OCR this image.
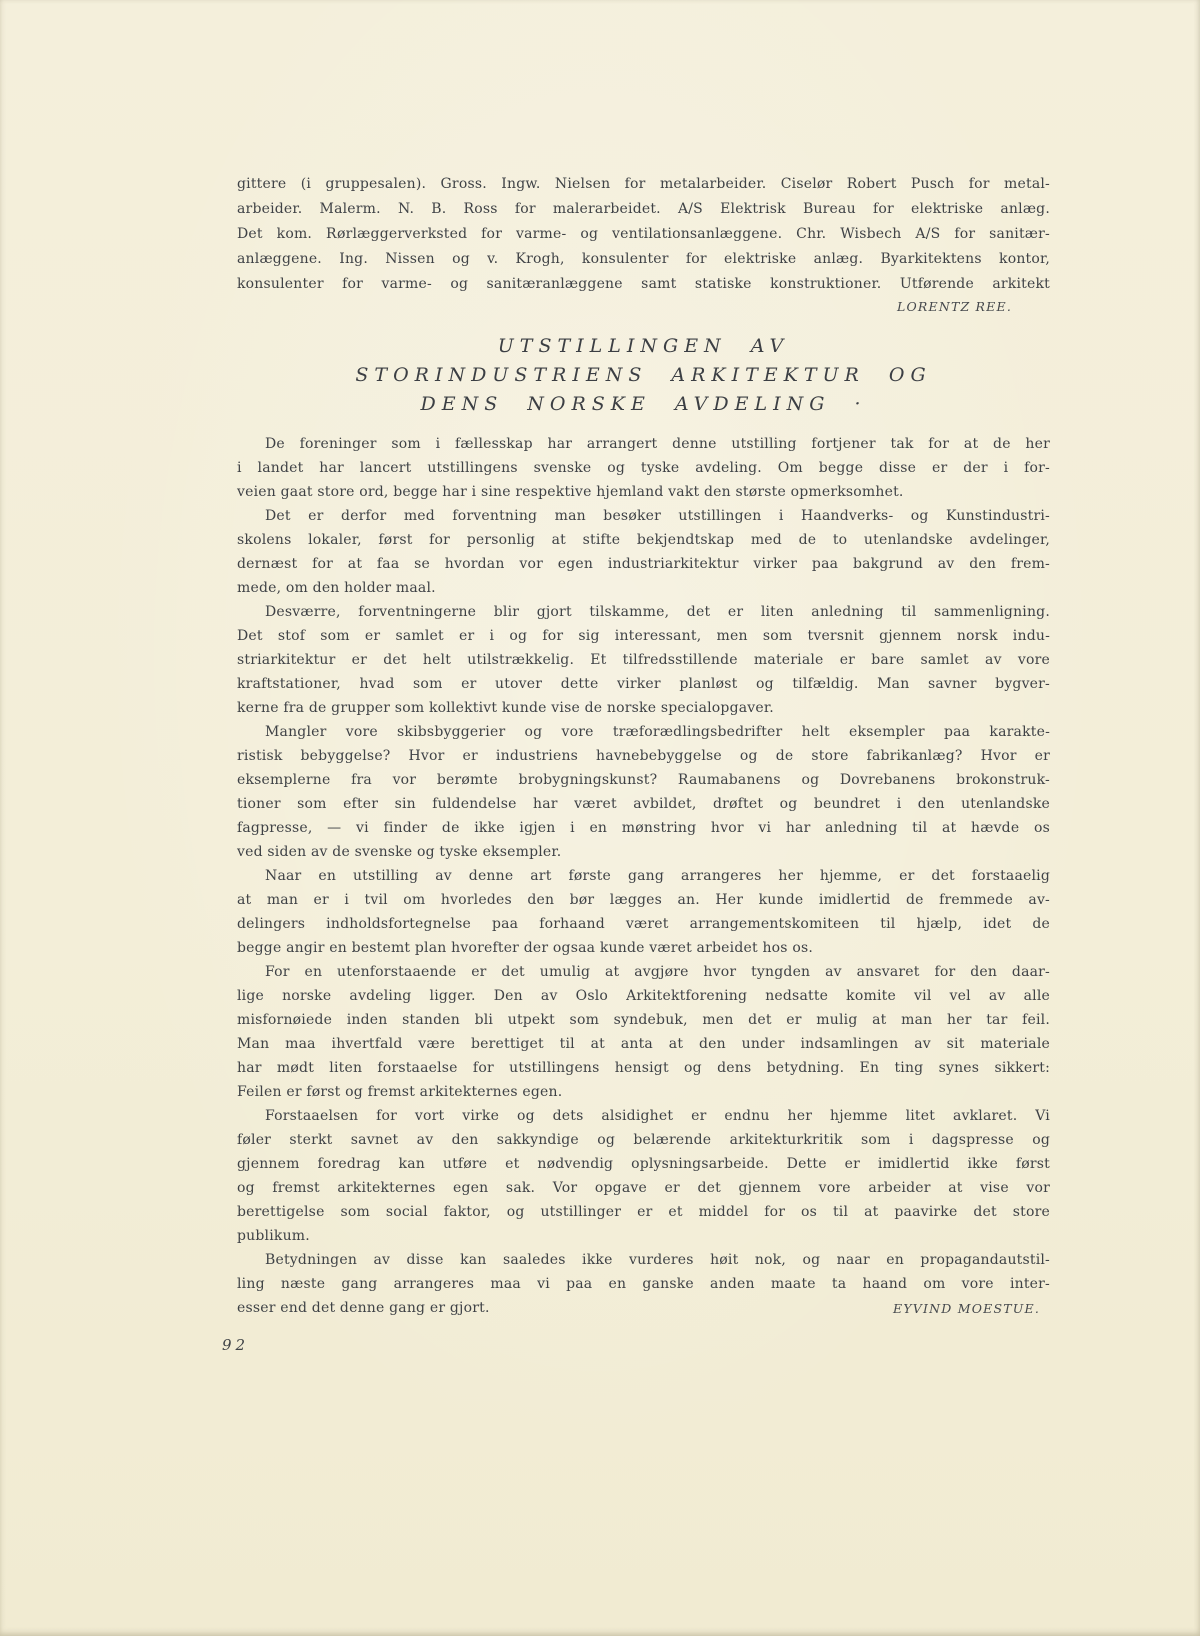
gittere (i gruppesalen). Gross. Ingw. Nielsen for metalarbeider. Ciselør Robert Pusch for metal-
arbeider. Malerm. N. B. Ross for malerarbeidet. A/S Elektrisk Bureau for elektriske anlæg.
Det kom. Rørlæggerverksted for varme- og ventilationsanlæggene. Chr. Wisbech A/S for sanitær-
anlæggene. Ing. Nissen og v. Krogh, konsulenter for elektriske anlæg. Byarkitektens kontor,
konsulenter for varme- og sanitæranlæggene samt statiske konstruktioner. Utførende arkitekt
LORENTZ REE.
UTSTILLINGEN AV
STORINDUSTRIENS ARKITEKTUR OG
DENS NORSKE AVDELING ·
De foreninger som i fællesskap har arrangert denne utstilling fortjener tak for at de her
i landet har lancert utstillingens svenske og tyske avdeling. Om begge disse er der i for-
veien gaat store ord, begge har i sine respektive hjemland vakt den største opmerksomhet.
Det er derfor med forventning man besøker utstillingen i Haandverks- og Kunstindustri-
skolens lokaler, først for personlig at stifte bekjendtskap med de to utenlandske avdelinger,
dernæst for at faa se hvordan vor egen industriarkitektur virker paa bakgrund av den frem-
mede, om den holder maal.
Desværre, forventningerne blir gjort tilskamme, det er liten anledning til sammenligning.
Det stof som er samlet er i og for sig interessant, men som tversnit gjennem norsk indu-
striarkitektur er det helt utilstrækkelig. Et tilfredsstillende materiale er bare samlet av vore
kraftstationer, hvad som er utover dette virker planløst og tilfældig. Man savner bygver-
kerne fra de grupper som kollektivt kunde vise de norske specialopgaver.
Mangler vore skibsbyggerier og vore træforædlingsbedrifter helt eksempler paa karakte-
ristisk bebyggelse? Hvor er industriens havnebebyggelse og de store fabrikanlæg? Hvor er
eksemplerne fra vor berømte brobygningskunst? Raumabanens og Dovrebanens brokonstruk-
tioner som efter sin fuldendelse har været avbildet, drøftet og beundret i den utenlandske
fagpresse, — vi finder de ikke igjen i en mønstring hvor vi har anledning til at hævde os
ved siden av de svenske og tyske eksempler.
Naar en utstilling av denne art første gang arrangeres her hjemme, er det forstaaelig
at man er i tvil om hvorledes den bør lægges an. Her kunde imidlertid de fremmede av-
delingers indholdsfortegnelse paa forhaand været arrangementskomiteen til hjælp, idet de
begge angir en bestemt plan hvorefter der ogsaa kunde været arbeidet hos os.
For en utenforstaaende er det umulig at avgjøre hvor tyngden av ansvaret for den daar-
lige norske avdeling ligger. Den av Oslo Arkitektforening nedsatte komite vil vel av alle
misfornøiede inden standen bli utpekt som syndebuk, men det er mulig at man her tar feil.
Man maa ihvertfald være berettiget til at anta at den under indsamlingen av sit materiale
har mødt liten forstaaelse for utstillingens hensigt og dens betydning. En ting synes sikkert:
Feilen er først og fremst arkitekternes egen.
Forstaaelsen for vort virke og dets alsidighet er endnu her hjemme litet avklaret. Vi
føler sterkt savnet av den sakkyndige og belærende arkitekturkritik som i dagspresse og
gjennem foredrag kan utføre et nødvendig oplysningsarbeide. Dette er imidlertid ikke først
og fremst arkitekternes egen sak. Vor opgave er det gjennem vore arbeider at vise vor
berettigelse som social faktor, og utstillinger er et middel for os til at paavirke det store
publikum.
Betydningen av disse kan saaledes ikke vurderes høit nok, og naar en propagandautstil-
ling næste gang arrangeres maa vi paa en ganske anden maate ta haand om vore inter-
esser end det denne gang er gjort.	EYVIND MOESTUE.
92
